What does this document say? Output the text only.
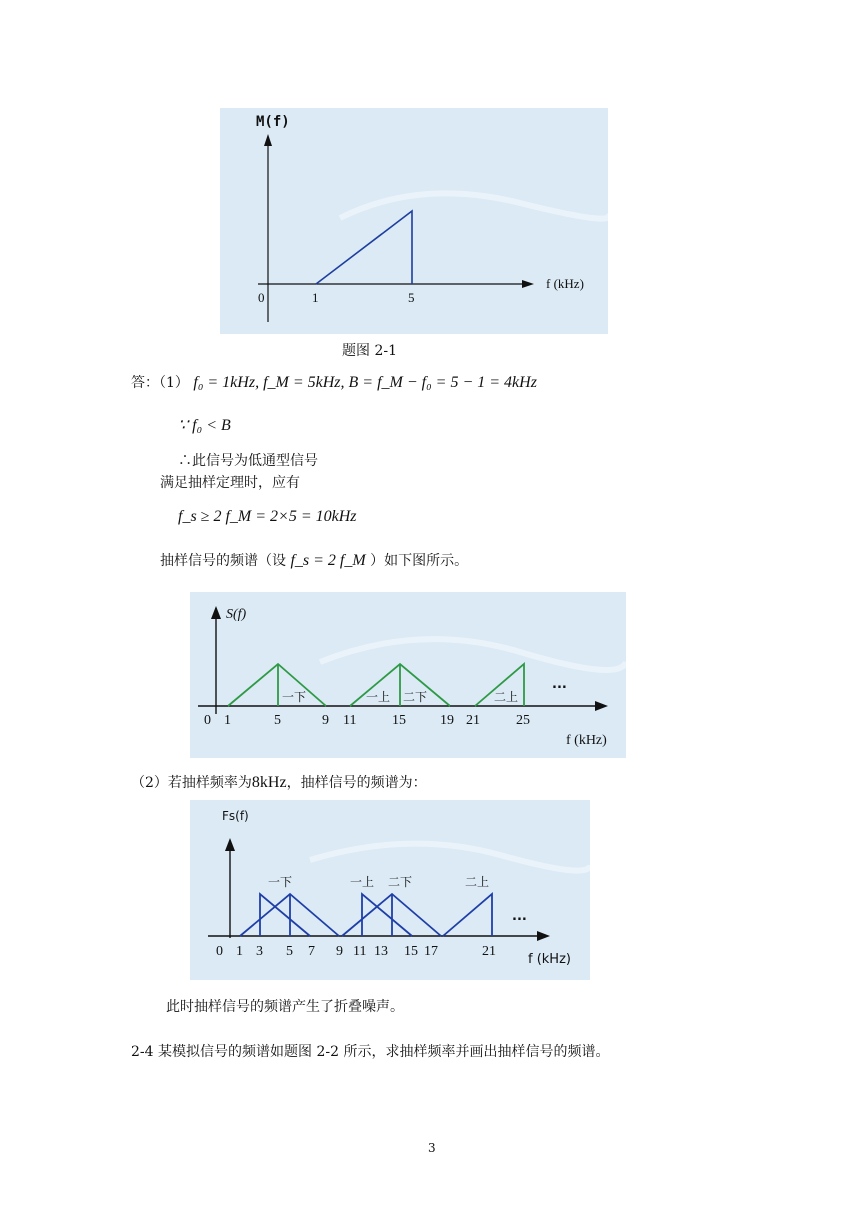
M(f)
f (kHz)
0	1	5
题图 2-1
答：（1） f₀ = 1kHz, f_M = 5kHz, B = f_M − f₀ = 5 − 1 = 4kHz
∵ f₀ < B
∴此信号为低通型信号
满足抽样定理时，应有
f_s ≥ 2 f_M = 2×5 = 10kHz
抽样信号的频谱（设 f_s = 2 f_M ）如下图所示。
S(f)
一下	一上 二下	二上
...
0 1	5	9 11	15 19 21	25
f (kHz)
（2）若抽样频率为8kHz，抽样信号的频谱为：
Fs(f)
一下	一上 二下	二上
...
0 1 3 5 7 9 11 13 15 17	21
f (kHz)
此时抽样信号的频谱产生了折叠噪声。
2-4 某模拟信号的频谱如题图 2-2 所示，求抽样频率并画出抽样信号的频谱。
3
